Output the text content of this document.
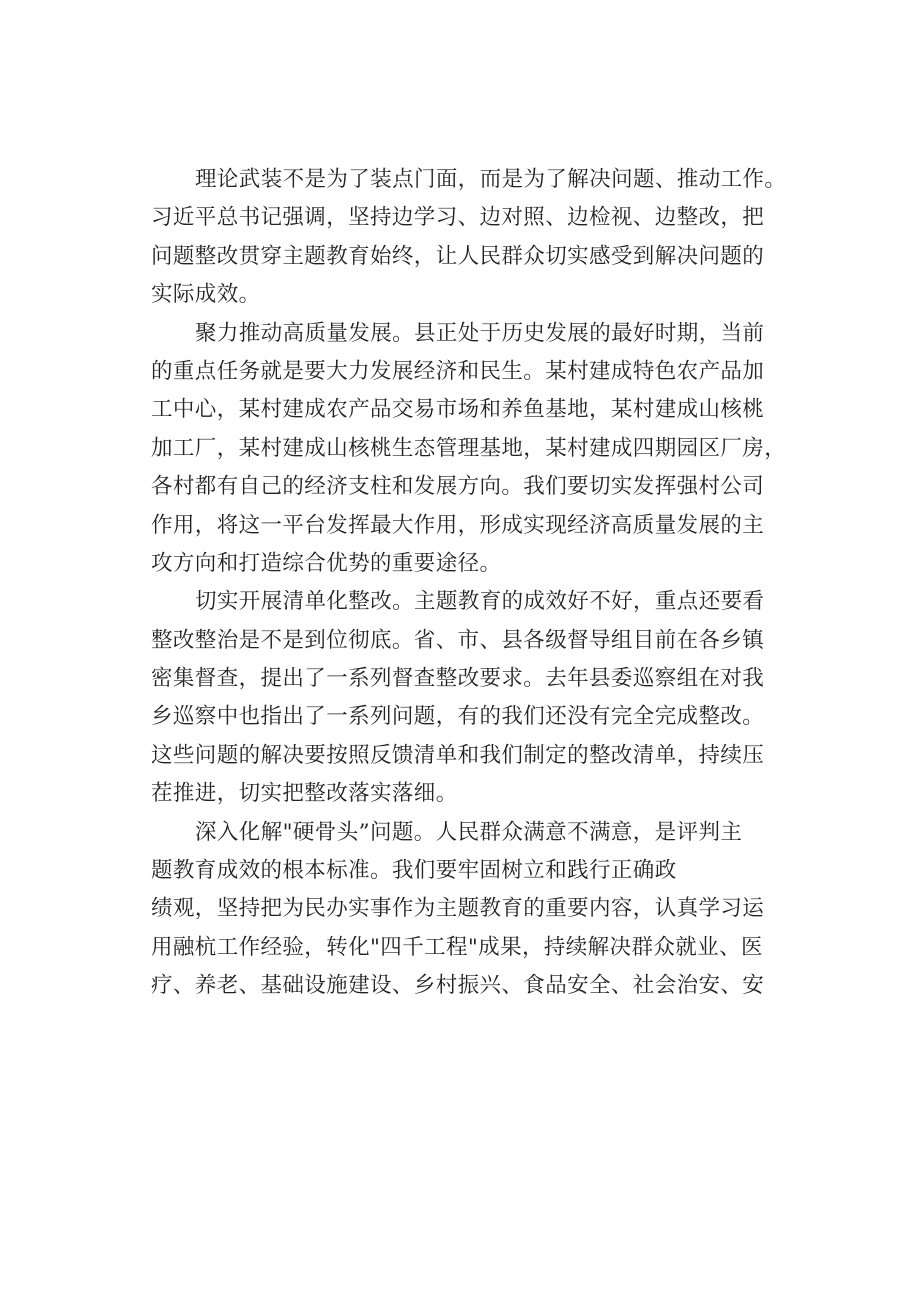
理论武装不是为了装点门面，而是为了解决问题、推动工作。
习近平总书记强调，坚持边学习、边对照、边检视、边整改，把
问题整改贯穿主题教育始终，让人民群众切实感受到解决问题的
实际成效。
聚力推动高质量发展。县正处于历史发展的最好时期，当前
的重点任务就是要大力发展经济和民生。某村建成特色农产品加
工中心，某村建成农产品交易市场和养鱼基地，某村建成山核桃
加工厂，某村建成山核桃生态管理基地，某村建成四期园区厂房，
各村都有自己的经济支柱和发展方向。我们要切实发挥强村公司
作用，将这一平台发挥最大作用，形成实现经济高质量发展的主
攻方向和打造综合优势的重要途径。
切实开展清单化整改。主题教育的成效好不好，重点还要看
整改整治是不是到位彻底。省、市、县各级督导组目前在各乡镇
密集督查，提出了一系列督查整改要求。去年县委巡察组在对我
乡巡察中也指出了一系列问题，有的我们还没有完全完成整改。
这些问题的解决要按照反馈清单和我们制定的整改清单，持续压
茬推进，切实把整改落实落细。
深入化解"硬骨头”问题。人民群众满意不满意，是评判主
题教育成效的根本标准。我们要牢固树立和践行正确政
绩观，坚持把为民办实事作为主题教育的重要内容，认真学习运
用融杭工作经验，转化"四千工程"成果，持续解决群众就业、医
疗、养老、基础设施建设、乡村振兴、食品安全、社会治安、安
